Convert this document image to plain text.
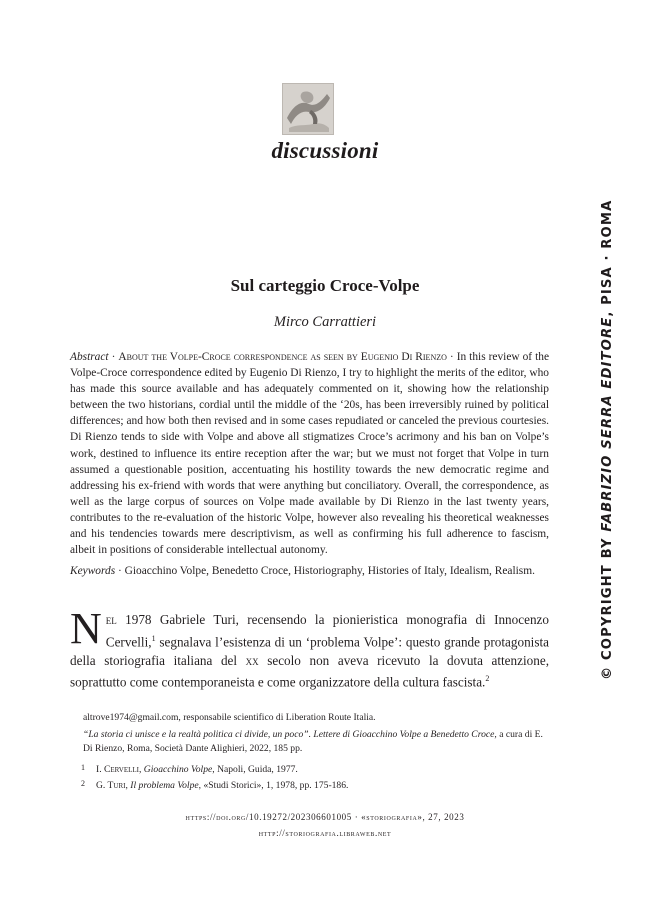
discussioni
© COPYRIGHT BY FABRIZIO SERRA EDITORE, PISA · ROMA
Sul carteggio Croce-Volpe
Mirco Carrattieri

Abstract · About the Volpe-Croce correspondence as seen by Eugenio Di Rienzo · In this review of the Volpe-Croce correspondence edited by Eugenio Di Rienzo, I try to highlight the merits of the editor, who has made this source available and has adequately commented on it, showing how the relationship between the two historians, cordial until the middle of the ‘20s, has been irreversibly ruined by political differences; and how both then revised and in some cases repudiated or canceled the previous courtesies. Di Rienzo tends to side with Volpe and above all stigmatizes Croce’s acrimony and his ban on Volpe’s work, destined to influence its entire reception after the war; but we must not forget that Volpe in turn assumed a questionable position, accentuating his hostility towards the new democratic regime and addressing his ex-friend with words that were anything but conciliatory. Overall, the correspondence, as well as the large corpus of sources on Volpe made available by Di Rienzo in the last twenty years, contributes to the re-evaluation of the historic Volpe, however also revealing his theoretical weaknesses and his tendencies towards mere descriptivism, as well as confirming his full adherence to fascism, albeit in positions of considerable intellectual autonomy.

Keywords · Gioacchino Volpe, Benedetto Croce, Historiography, Histories of Italy, Idealism, Realism.

Nel 1978 Gabriele Turi, recensendo la pionieristica monografia di Innocenzo Cervelli,$^1$ segnalava l’esistenza di un ‘problema Volpe’: questo grande protagonista della storiografia italiana del xx secolo non aveva ricevuto la dovuta attenzione, soprattutto come contemporaneista e come organizzatore della cultura fascista.$^2$

altrove1974@gmail.com, responsabile scientifico di Liberation Route Italia.

“La storia ci unisce e la realtà politica ci divide, un poco”. Lettere di Gioacchino Volpe a Benedetto Croce, a cura di E. Di Rienzo, Roma, Società Dante Alighieri, 2022, 185 pp.

1 I. Cervelli, Gioacchino Volpe, Napoli, Guida, 1977.

2 G. Turi, Il problema Volpe, «Studi Storici», 1, 1978, pp. 175-186.

https://doi.org/10.19272/202306601005 · «storiografia», 27, 2023
http://storiografia.libraweb.net
